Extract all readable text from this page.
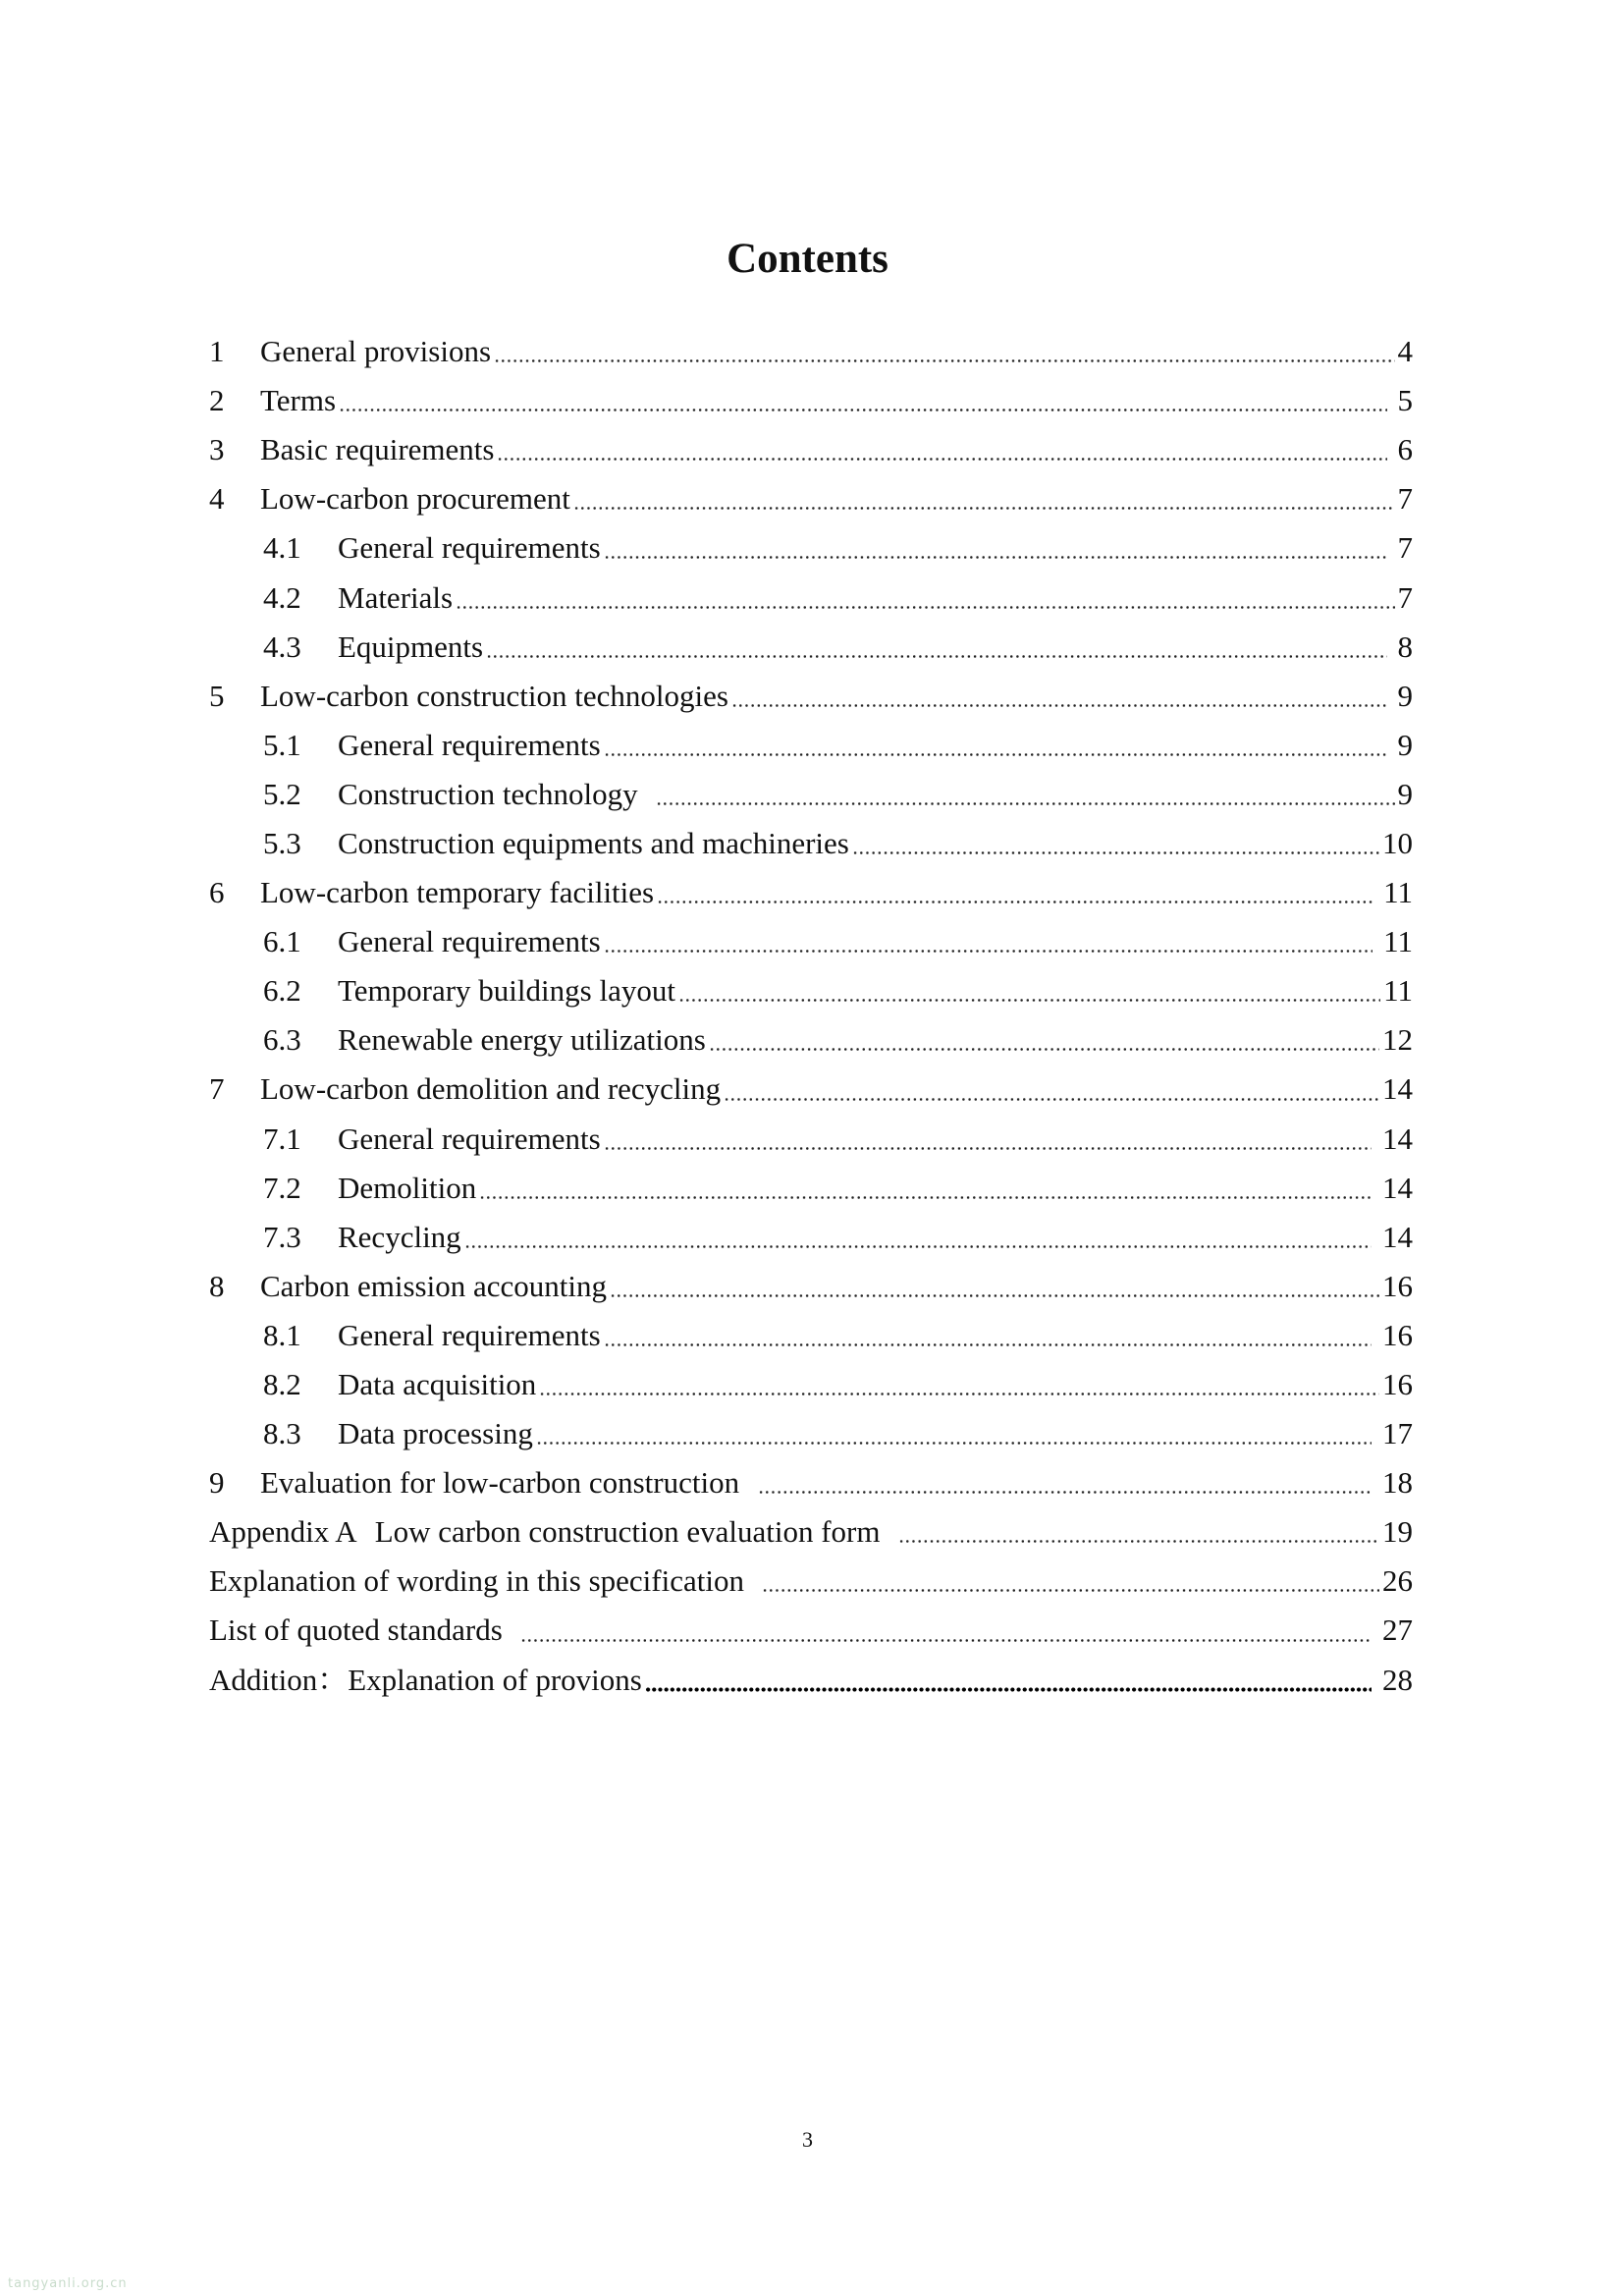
Contents
1	General provisions	4
2	Terms	5
3	Basic requirements	6
4	Low-carbon procurement	7
4.1	General requirements	7
4.2	Materials	7
4.3	Equipments	8
5	Low-carbon construction technologies	9
5.1	General requirements	9
5.2	Construction technology	9
5.3	Construction equipments and machineries	10
6	Low-carbon temporary facilities	11
6.1	General requirements	11
6.2	Temporary buildings layout	11
6.3	Renewable energy utilizations	12
7	Low-carbon demolition and recycling	14
7.1	General requirements	14
7.2	Demolition	14
7.3	Recycling	14
8	Carbon emission accounting	16
8.1	General requirements	16
8.2	Data acquisition	16
8.3	Data processing	17
9	Evaluation for low-carbon construction	18
Appendix A Low carbon construction evaluation form	19
Explanation of wording in this specification	26
List of quoted standards	27
Addition：Explanation of provions	28
3
tangyanli.org.cn
